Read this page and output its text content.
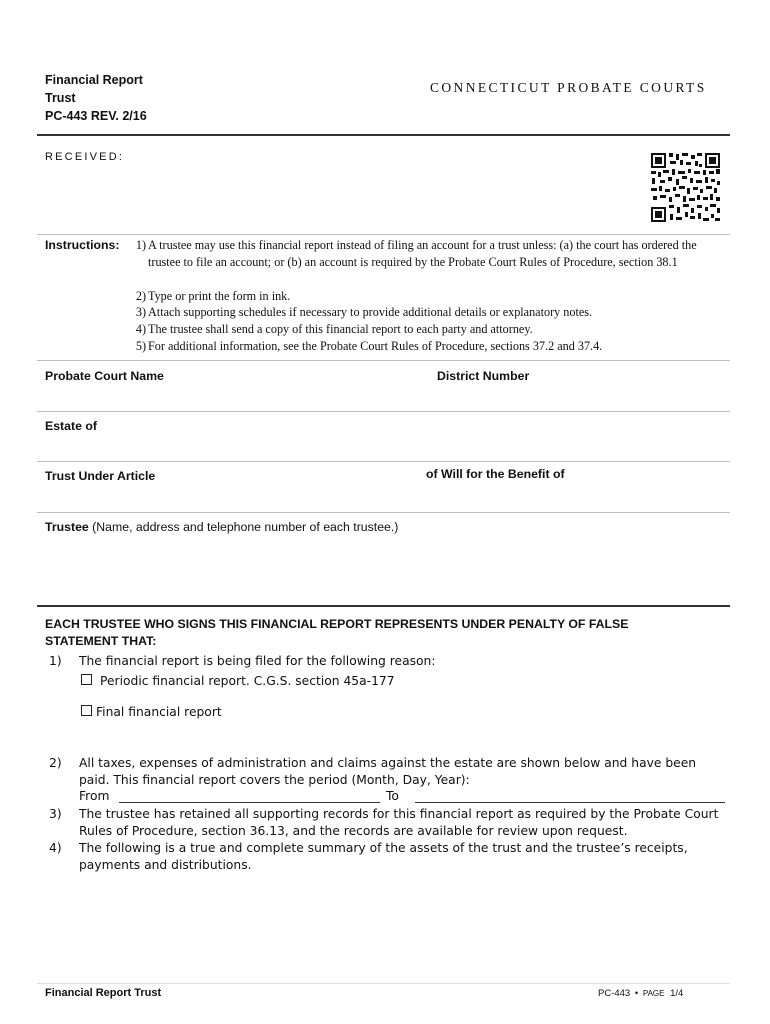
Financial Report
Trust
PC-443 REV. 2/16
CONNECTICUT PROBATE COURTS
RECEIVED:
Instructions:	1) A trustee may use this financial report instead of filing an account for a trust unless: (a) the court has ordered the trustee to file an account; or (b) an account is required by the Probate Court Rules of Procedure, section 38.1
2) Type or print the form in ink.
3) Attach supporting schedules if necessary to provide additional details or explanatory notes.
4) The trustee shall send a copy of this financial report to each party and attorney.
5) For additional information, see the Probate Court Rules of Procedure, sections 37.2 and 37.4.
Probate Court Name	District Number
Estate of
Trust Under Article	of Will for the Benefit of
Trustee (Name, address and telephone number of each trustee.)
EACH TRUSTEE WHO SIGNS THIS FINANCIAL REPORT REPRESENTS UNDER PENALTY OF FALSE STATEMENT THAT:
1)	The financial report is being filed for the following reason:
Periodic financial report. C.G.S. section 45a-177
Final financial report
2)	All taxes, expenses of administration and claims against the estate are shown below and have been paid. This financial report covers the period (Month, Day, Year):
From	To
3)	The trustee has retained all supporting records for this financial report as required by the Probate Court Rules of Procedure, section 36.13, and the records are available for review upon request.
4)	The following is a true and complete summary of the assets of the trust and the trustee’s receipts, payments and distributions.
Financial Report Trust	PC-443 • PAGE 1/4
